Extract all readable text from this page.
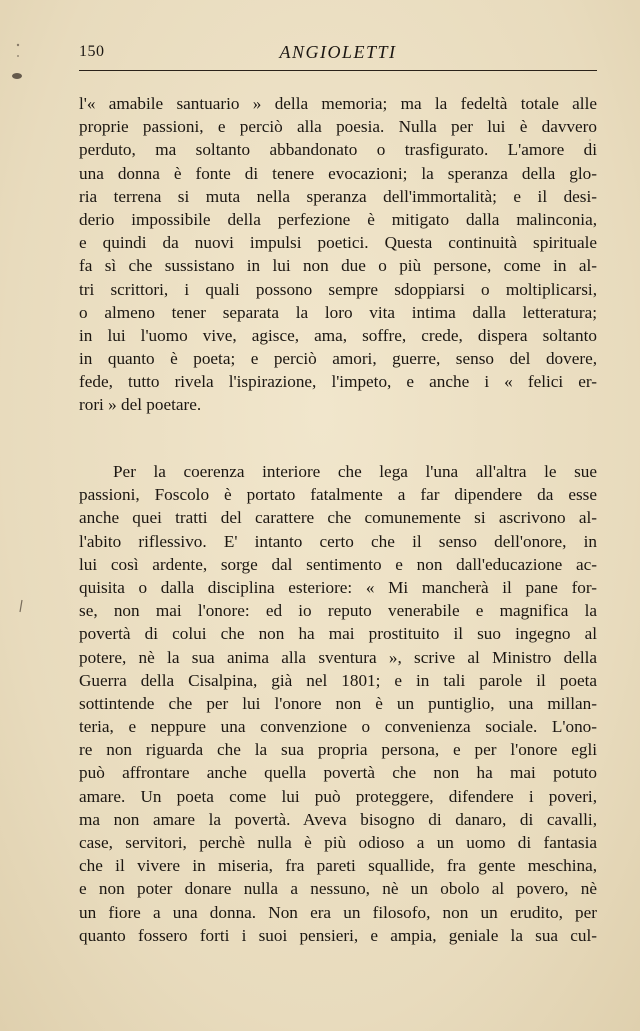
150	ANGIOLETTI
l'« amabile santuario » della memoria; ma la fedeltà totale alle
proprie passioni, e perciò alla poesia. Nulla per lui è davvero
perduto, ma soltanto abbandonato o trasfigurato. L'amore di
una donna è fonte di tenere evocazioni; la speranza della glo-
ria terrena si muta nella speranza dell'immortalità; e il desi-
derio impossibile della perfezione è mitigato dalla malinconia,
e quindi da nuovi impulsi poetici. Questa continuità spirituale
fa sì che sussistano in lui non due o più persone, come in al-
tri scrittori, i quali possono sempre sdoppiarsi o moltiplicarsi,
o almeno tener separata la loro vita intima dalla letteratura;
in lui l'uomo vive, agisce, ama, soffre, crede, dispera soltanto
in quanto è poeta; e perciò amori, guerre, senso del dovere,
fede, tutto rivela l'ispirazione, l'impeto, e anche i « felici er-
rori » del poetare.
Per la coerenza interiore che lega l'una all'altra le sue
passioni, Foscolo è portato fatalmente a far dipendere da esse
anche quei tratti del carattere che comunemente si ascrivono al-
l'abito riflessivo. E' intanto certo che il senso dell'onore, in
lui così ardente, sorge dal sentimento e non dall'educazione ac-
quisita o dalla disciplina esteriore: « Mi mancherà il pane for-
se, non mai l'onore: ed io reputo venerabile e magnifica la
povertà di colui che non ha mai prostituito il suo ingegno al
potere, nè la sua anima alla sventura », scrive al Ministro della
Guerra della Cisalpina, già nel 1801; e in tali parole il poeta
sottintende che per lui l'onore non è un puntiglio, una millan-
teria, e neppure una convenzione o convenienza sociale. L'ono-
re non riguarda che la sua propria persona, e per l'onore egli
può affrontare anche quella povertà che non ha mai potuto
amare. Un poeta come lui può proteggere, difendere i poveri,
ma non amare la povertà. Aveva bisogno di danaro, di cavalli,
case, servitori, perchè nulla è più odioso a un uomo di fantasia
che il vivere in miseria, fra pareti squallide, fra gente meschina,
e non poter donare nulla a nessuno, nè un obolo al povero, nè
un fiore a una donna. Non era un filosofo, non un erudito, per
quanto fossero forti i suoi pensieri, e ampia, geniale la sua cul-
